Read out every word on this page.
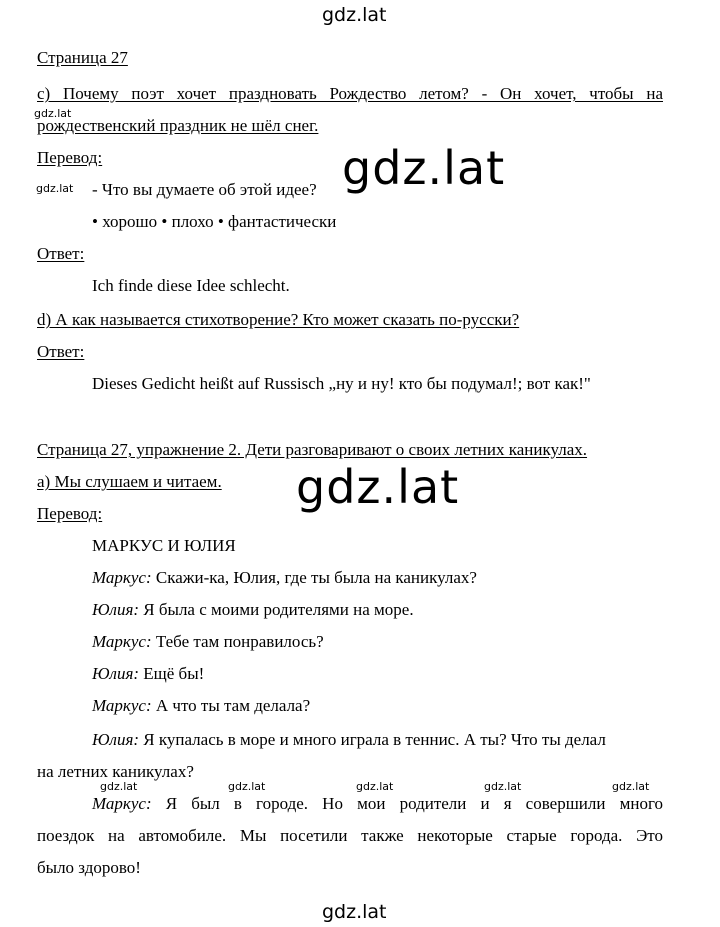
gdz.lat
gdz.lat
gdz.lat	gdz.lat
gdz.lat
gdz.lat	gdz.lat	gdz.lat	gdz.lat	gdz.lat
gdz.lat
Страница 27
с) Почему поэт хочет праздновать Рождество летом? - Он хочет, чтобы на
рождественский праздник не шёл снег.
Перевод:
- Что вы думаете об этой идее?
• хорошо • плохо • фантастически
Ответ:
Ich finde diese Idee schlecht.
d) А как называется стихотворение? Кто может сказать по-русски?
Ответ:
Dieses Gedicht heißt auf Russisch „ну и ну! кто бы подумал!; вот как!"
Страница 27, упражнение 2. Дети разговаривают о своих летних каникулах.
а) Мы слушаем и читаем.
Перевод:
МАРКУС И ЮЛИЯ
Маркус: Скажи-ка, Юлия, где ты была на каникулах?
Юлия: Я была с моими родителями на море.
Маркус: Тебе там понравилось?
Юлия: Ещё бы!
Маркус: А что ты там делала?
Юлия: Я купалась в море и много играла в теннис. А ты? Что ты делал
на летних каникулах?
Маркус: Я был в городе. Но мои родители и я совершили много
поездок на автомобиле. Мы посетили также некоторые старые города. Это
было здорово!
